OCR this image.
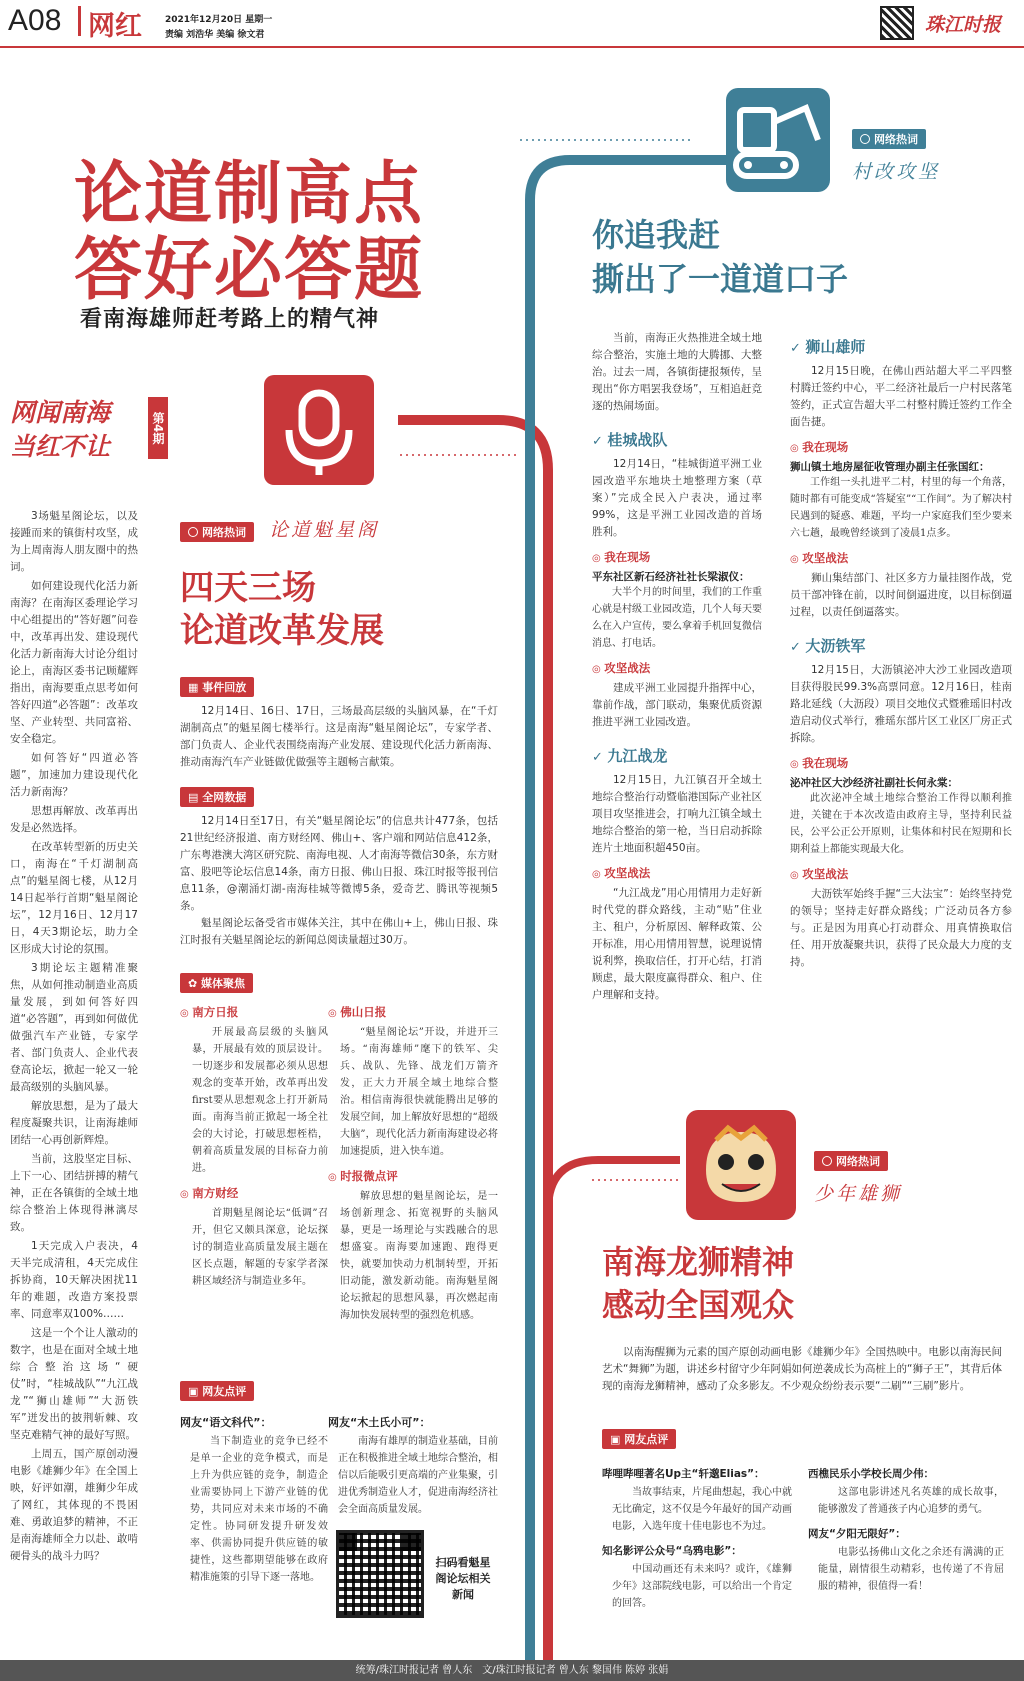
A08 网红	2021年12月20日 星期一
责编 刘浩华 美编 徐文君	珠江时报
论道制高点
答好必答题
看南海雄师赶考路上的精气神
网闻南海
当红不让
第4期

3场魁星阁论坛，以及接踵而来的镇街村攻坚，成为上周南海人朋友圈中的热词。

如何建设现代化活力新南海？在南海区委理论学习中心组提出的“答好题”问卷中，改革再出发、建设现代化活力新南海大讨论分组讨论上，南海区委书记顾耀辉指出，南海要重点思考如何答好四道“必答题”：改革攻坚、产业转型、共同富裕、安全稳定。

如何答好“四道必答题”，加速加力建设现代化活力新南海？

思想再解放、改革再出发是必然选择。

在改革转型新的历史关口，南海在“千灯湖制高点”的魁星阁七楼，从12月14日起举行首期“魁星阁论坛”，12月16日、12月17日，4天3期论坛，助力全区形成大讨论的氛围。

3期论坛主题精准聚焦，从如何推动制造业高质量发展，到如何答好四道“必答题”，再到如何做优做强汽车产业链，专家学者、部门负责人、企业代表登高论坛，掀起一轮又一轮最高级别的头脑风暴。

解放思想，是为了最大程度凝聚共识，让南海雄师团结一心再创新辉煌。

当前，这股坚定目标、上下一心、团结拼搏的精气神，正在各镇街的全域土地综合整治上体现得淋漓尽致。

1天完成入户表决，4天半完成清租，4天完成住拆协商，10天解决困扰11年的难题，改造方案投票率、同意率双100%……

这是一个个让人激动的数字，也是在面对全域土地综合整治这场“硬仗”时，“桂城战队”“九江战龙”“狮山雄师”“大沥铁军”迸发出的披荆斩棘、攻坚克难精气神的最好写照。

上周五，国产原创动漫电影《雄狮少年》在全国上映，好评如潮，雄狮少年成了网红，其体现的不畏困难、勇敢追梦的精神，不正是南海雄师全力以赴、敢啃硬骨头的战斗力吗？

网络热词 论道魁星阁
四天三场
论道改革发展
▦ 事件回放

12月14日、16日、17日，三场最高层级的头脑风暴，在“千灯湖制高点”的魁星阁七楼举行。这是南海“魁星阁论坛”，专家学者、部门负责人、企业代表围绕南海产业发展、建设现代化活力新南海、推动南海汽车产业链做优做强等主题畅言献策。

▤ 全网数据

12月14日至17日，有关“魁星阁论坛”的信息共计477条，包括21世纪经济报道、南方财经网、佛山+、客户端和网站信息412条，广东粤港澳大湾区研究院、南海电视、人才南海等微信30条，东方财富、股吧等论坛信息14条，南方日报、佛山日报、珠江时报等报刊信息11条，@潮涌灯湖-南海桂城等微博5条，爱奇艺、腾讯等视频5条。

魁星阁论坛备受省市媒体关注，其中在佛山+上，佛山日报、珠江时报有关魁星阁论坛的新闻总阅读量超过30万。

✿ 媒体聚焦
◎ 南方日报

开展最高层级的头脑风暴，开展最有效的顶层设计。一切逐步和发展都必须从思想观念的变革开始，改革再出发first要从思想观念上打开新局面。南海当前正掀起一场全社会的大讨论，打破思想桎梏，朝着高质量发展的目标奋力前进。

◎ 南方财经

首期魁星阁论坛“低调”召开，但它又颇具深意，论坛探讨的制造业高质量发展主题在区长点题，解题的专家学者深耕区域经济与制造业多年。

◎ 佛山日报

“魁星阁论坛”开设，并进开三场。“南海雄师”麾下的铁军、尖兵、战队、先锋、战龙们万箭齐发，正大力开展全域土地综合整治。相信南海很快就能腾出足够的发展空间，加上解放好思想的“超级大脑”，现代化活力新南海建设必将加速提质，进入快车道。

◎ 时报微点评

解放思想的魁星阁论坛，是一场创新理念、拓宽视野的头脑风暴，更是一场理论与实践融合的思想盛宴。南海要加速跑、跑得更快，就要加快动力机制转型，开拓旧动能，激发新动能。南海魁星阁论坛掀起的思想风暴，再次燃起南海加快发展转型的强烈危机感。

▣ 网友点评
网友“语文科代”：

当下制造业的竞争已经不是单一企业的竞争模式，而是上升为供应链的竞争，制造企业需要协同上下游产业链的优势，共同应对未来市场的不确定性。协同研发提升研发效率、供需协同提升供应链的敏捷性，这些都期望能够在政府精准施策的引导下逐一落地。

网友“木土氏小可”：

南海有雄厚的制造业基础，目前正在积极推进全域土地综合整治，相信以后能吸引更高端的产业集聚，引进优秀制造业人才，促进南海经济社会全面高质量发展。

扫码看魁星阁论坛相关新闻
网络热词
村改攻坚
你追我赶
撕出了一道道口子

当前，南海正火热推进全域土地综合整治，实施土地的大腾挪、大整治。过去一周，各镇街捷报频传，呈现出“你方唱罢我登场”，互相追赶竞逐的热闹场面。

✓ 桂城战队

12月14日，“桂城街道平洲工业园改造平东地块土地整理方案（草案）”完成全民入户表决，通过率99%，这是平洲工业园改造的首场胜利。

◎ 我在现场
平东社区新石经济社社长梁淑仪：

大半个月的时间里，我们的工作重心就是村级工业园改造，几个人每天要么在入户宣传，要么拿着手机回复微信消息、打电话。

◎ 攻坚战法

建成平洲工业园提升指挥中心，靠前作战，部门联动，集聚优质资源推进平洲工业园改造。

✓ 九江战龙

12月15日，九江镇召开全域土地综合整治行动暨临港国际产业社区项目攻坚推进会，打响九江镇全域土地综合整治的第一枪，当日启动拆除连片土地面积超450亩。

◎ 攻坚战法

“九江战龙”用心用情用力走好新时代党的群众路线，主动“贴”住业主、租户，分析原因、解释政策、公开标准，用心用情用智慧，说理说情说利弊，换取信任，打开心结，打消顾虑，最大限度赢得群众、租户、住户理解和支持。

✓ 狮山雄师

12月15日晚，在佛山西站超大平二平四整村腾迁签约中心，平二经济社最后一户村民落笔签约，正式宣告超大平二村整村腾迁签约工作全面告捷。

◎ 我在现场
狮山镇土地房屋征收管理办副主任张国红：

工作组一头扎进平二村，村里的每一个角落，随时都有可能变成“答疑室”“工作间”。为了解决村民遇到的疑惑、难题，平均一户家庭我们至少要来六七趟，最晚曾经谈到了凌晨1点多。

◎ 攻坚战法

狮山集结部门、社区多方力量挂图作战，党员干部冲锋在前，以时间倒逼进度，以目标倒逼过程，以责任倒逼落实。

✓ 大沥铁军

12月15日，大沥镇泌冲大沙工业园改造项目获得股民99.3%高票同意。12月16日，桂南路北延线（大沥段）项目交地仪式暨雅瑶旧村改造启动仪式举行，雅瑶东部片区工业区厂房正式拆除。

◎ 我在现场
泌冲社区大沙经济社副社长何永棠：

此次泌冲全域土地综合整治工作得以顺利推进，关键在于本次改造由政府主导，坚持利民益民，公平公正公开原则，让集体和村民在短期和长期利益上都能实现最大化。

◎ 攻坚战法

大沥铁军始终手握“三大法宝”：始终坚持党的领导；坚持走好群众路线；广泛动员各方参与。正是因为用真心打动群众、用真情换取信任、用开放凝聚共识，获得了民众最大力度的支持。

网络热词
少年雄狮
南海龙狮精神
感动全国观众

以南海醒狮为元素的国产原创动画电影《雄狮少年》全国热映中。电影以南海民间艺术“舞狮”为题，讲述乡村留守少年阿娟如何逆袭成长为高桩上的“狮子王”，其背后体现的南海龙狮精神，感动了众多影友。不少观众纷纷表示要“二刷”“三刷”影片。

▣ 网友点评
哔哩哔哩著名Up主“轩邈Elias”：

当故事结束，片尾曲想起，我心中就无比确定，这不仅是今年最好的国产动画电影，入选年度十佳电影也不为过。

知名影评公众号“乌鸦电影”：

中国动画还有未来吗？或许，《雄狮少年》这部院线电影，可以给出一个肯定的回答。

西樵民乐小学校长周少伟：

这部电影讲述凡名英雄的成长故事，能够激发了普通孩子内心追梦的勇气。

网友“夕阳无限好”：

电影弘扬佛山文化之余还有满满的正能量，剧情很生动精彩，也传递了不肯屈服的精神，很值得一看！

统筹/珠江时报记者 曾人东　文/珠江时报记者 曾人东 黎国伟 陈婷 张娟
